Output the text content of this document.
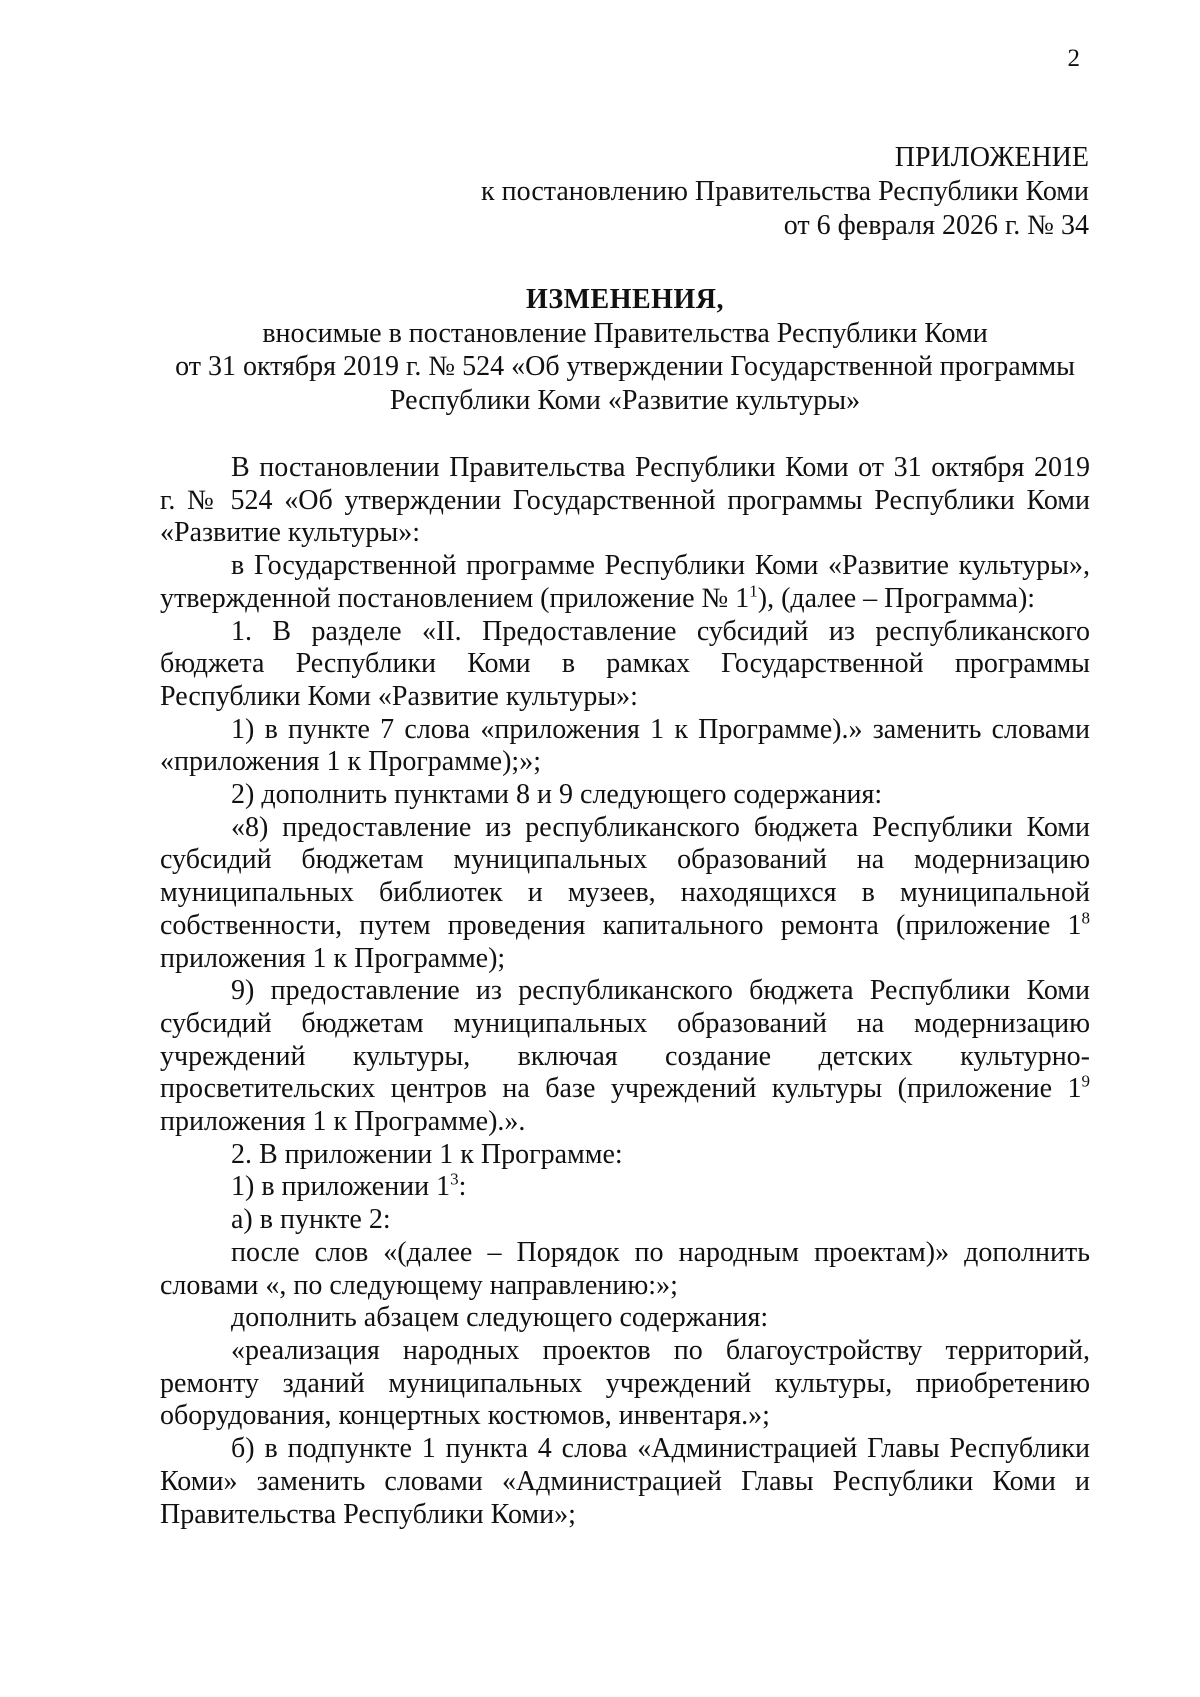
2
ПРИЛОЖЕНИЕ
к постановлению Правительства Республики Коми
от 6 февраля 2026 г. № 34
ИЗМЕНЕНИЯ,
вносимые в постановление Правительства Республики Коми
от 31 октября 2019 г. № 524 «Об утверждении Государственной программы
Республики Коми «Развитие культуры»

В постановлении Правительства Республики Коми от 31 октября 2019 г. № 524 «Об утверждении Государственной программы Республики Коми «Развитие культуры»:

в Государственной программе Республики Коми «Развитие культуры», утвержденной постановлением (приложение № $1^1$), (далее – Программа):

1. В разделе «II. Предоставление субсидий из республиканского бюджета Республики Коми в рамках Государственной программы Республики Коми «Развитие культуры»:

1) в пункте 7 слова «приложения 1 к Программе).» заменить словами «приложения 1 к Программе);»;

2) дополнить пунктами 8 и 9 следующего содержания:

«8) предоставление из республиканского бюджета Республики Коми субсидий бюджетам муниципальных образований на модернизацию муниципальных библиотек и музеев, находящихся в муниципальной собственности, путем проведения капитального ремонта (приложение $1^8$ приложения 1 к Программе);

9) предоставление из республиканского бюджета Республики Коми субсидий бюджетам муниципальных образований на модернизацию учреждений культуры, включая создание детских культурно-просветительских центров на базе учреждений культуры (приложение $1^9$ приложения 1 к Программе).».

2. В приложении 1 к Программе:

1) в приложении $1^3$:

а) в пункте 2:

после слов «(далее – Порядок по народным проектам)» дополнить словами «, по следующему направлению:»;

дополнить абзацем следующего содержания:

«реализация народных проектов по благоустройству территорий, ремонту зданий муниципальных учреждений культуры, приобретению оборудования, концертных костюмов, инвентаря.»;

б) в подпункте 1 пункта 4 слова «Администрацией Главы Республики Коми» заменить словами «Администрацией Главы Республики Коми и Правительства Республики Коми»;
